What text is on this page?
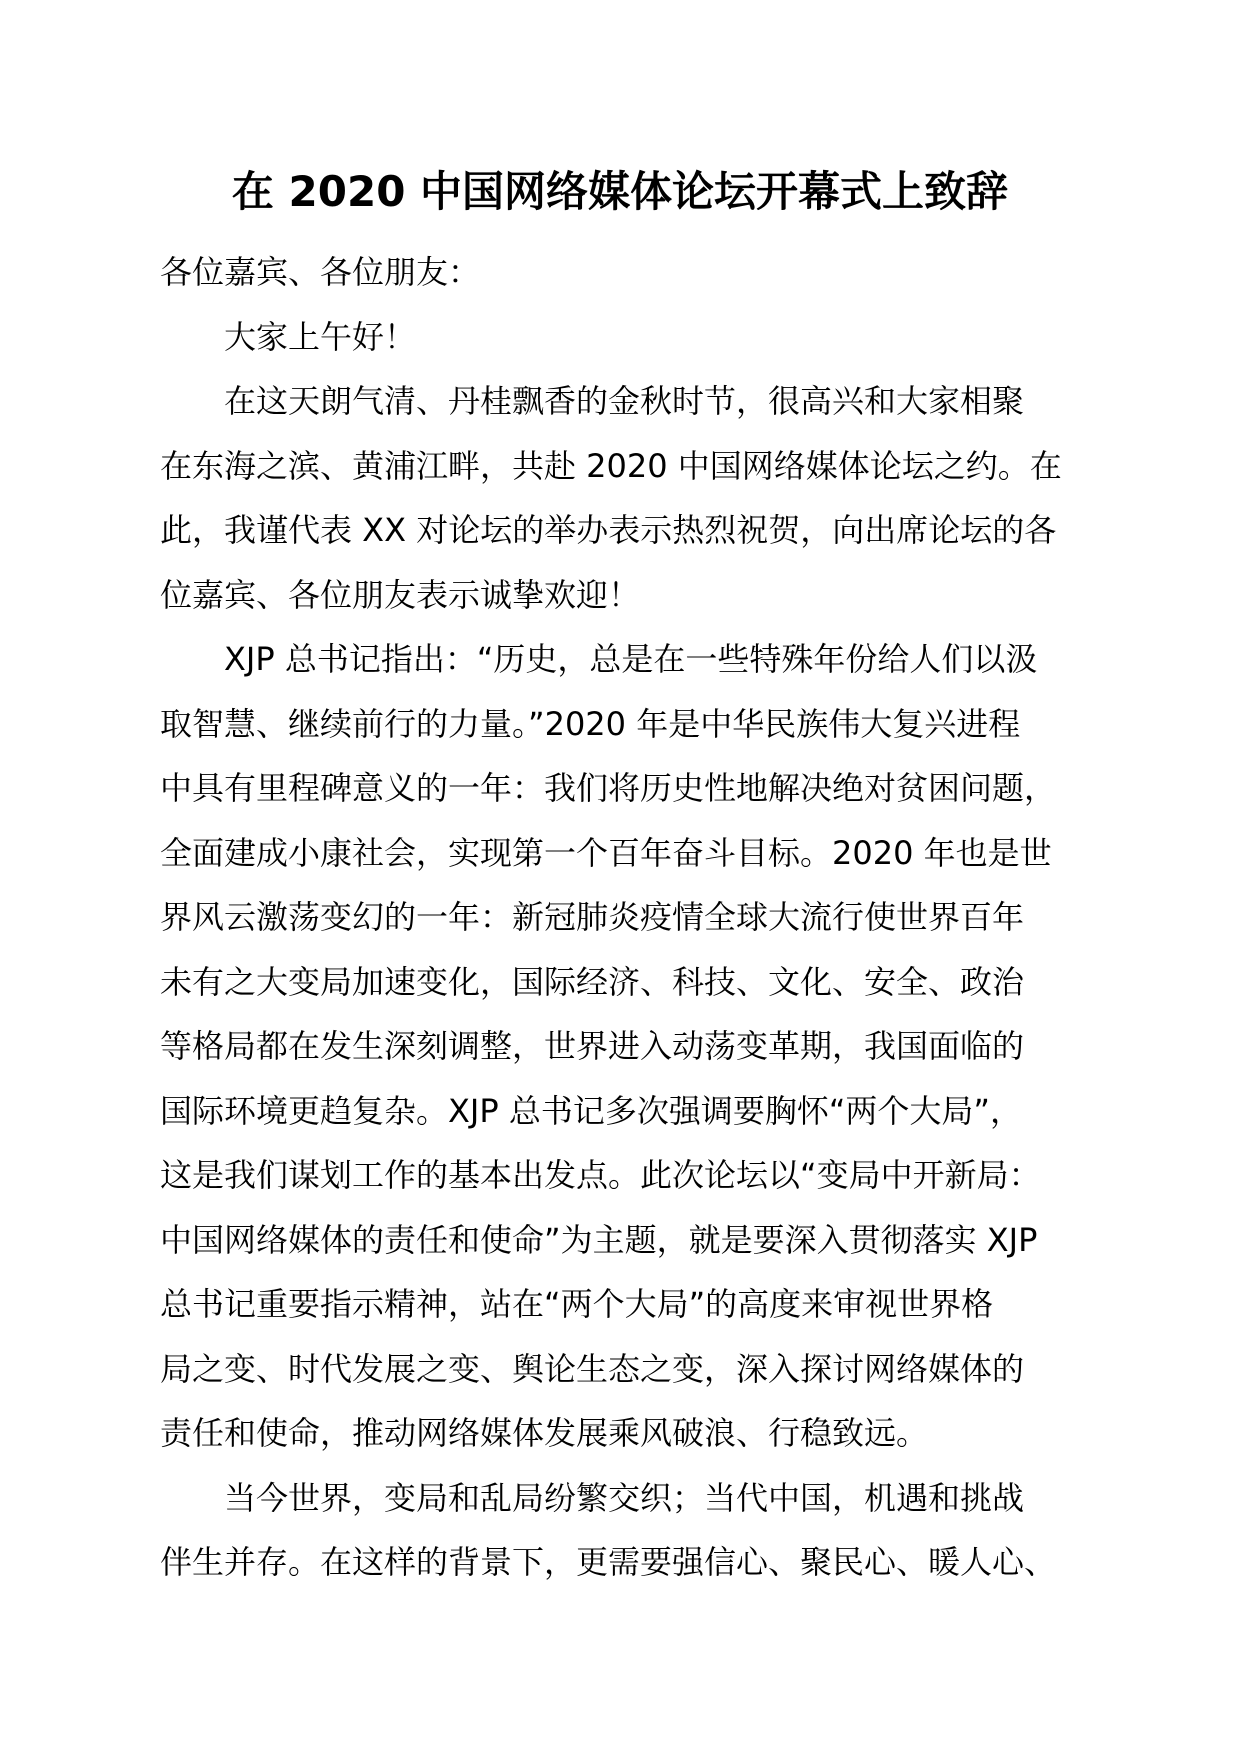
在 2020 中国网络媒体论坛开幕式上致辞
各位嘉宾、各位朋友：
大家上午好！
在这天朗气清、丹桂飘香的金秋时节，很高兴和大家相聚
在东海之滨、黄浦江畔，共赴 2020 中国网络媒体论坛之约。在
此，我谨代表 XX 对论坛的举办表示热烈祝贺，向出席论坛的各
位嘉宾、各位朋友表示诚挚欢迎！
XJP 总书记指出：“历史，总是在一些特殊年份给人们以汲
取智慧、继续前行的力量。”2020 年是中华民族伟大复兴进程
中具有里程碑意义的一年：我们将历史性地解决绝对贫困问题，
全面建成小康社会，实现第一个百年奋斗目标。2020 年也是世
界风云激荡变幻的一年：新冠肺炎疫情全球大流行使世界百年
未有之大变局加速变化，国际经济、科技、文化、安全、政治
等格局都在发生深刻调整，世界进入动荡变革期，我国面临的
国际环境更趋复杂。XJP 总书记多次强调要胸怀“两个大局”，
这是我们谋划工作的基本出发点。此次论坛以“变局中开新局：
中国网络媒体的责任和使命”为主题，就是要深入贯彻落实 XJP
总书记重要指示精神，站在“两个大局”的高度来审视世界格
局之变、时代发展之变、舆论生态之变，深入探讨网络媒体的
责任和使命，推动网络媒体发展乘风破浪、行稳致远。
当今世界，变局和乱局纷繁交织；当代中国，机遇和挑战
伴生并存。在这样的背景下，更需要强信心、聚民心、暖人心、
